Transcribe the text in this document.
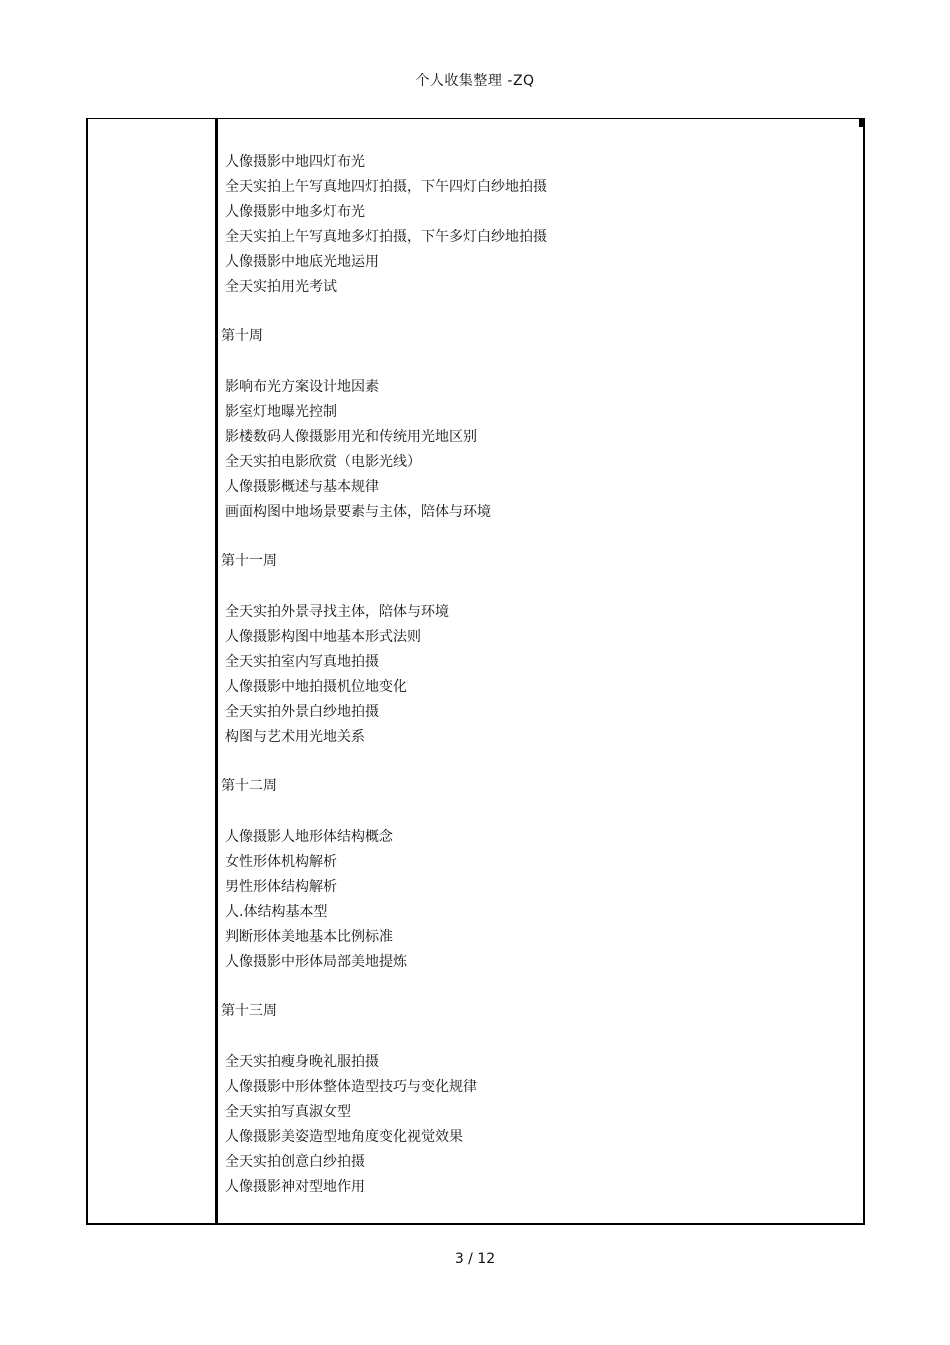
个人收集整理 -ZQ
人像摄影中地四灯布光
全天实拍上午写真地四灯拍摄，下午四灯白纱地拍摄
人像摄影中地多灯布光
全天实拍上午写真地多灯拍摄，下午多灯白纱地拍摄
人像摄影中地底光地运用
全天实拍用光考试
第十周
影响布光方案设计地因素
影室灯地曝光控制
影楼数码人像摄影用光和传统用光地区别
全天实拍电影欣赏（电影光线）
人像摄影概述与基本规律
画面构图中地场景要素与主体，陪体与环境
第十一周
全天实拍外景寻找主体，陪体与环境
人像摄影构图中地基本形式法则
全天实拍室内写真地拍摄
人像摄影中地拍摄机位地变化
全天实拍外景白纱地拍摄
构图与艺术用光地关系
第十二周
人像摄影人地形体结构概念
女性形体机构解析
男性形体结构解析
人.体结构基本型
判断形体美地基本比例标准
人像摄影中形体局部美地提炼
第十三周
全天实拍瘦身晚礼服拍摄
人像摄影中形体整体造型技巧与变化规律
全天实拍写真淑女型
人像摄影美姿造型地角度变化视觉效果
全天实拍创意白纱拍摄
人像摄影神对型地作用
3 / 12
